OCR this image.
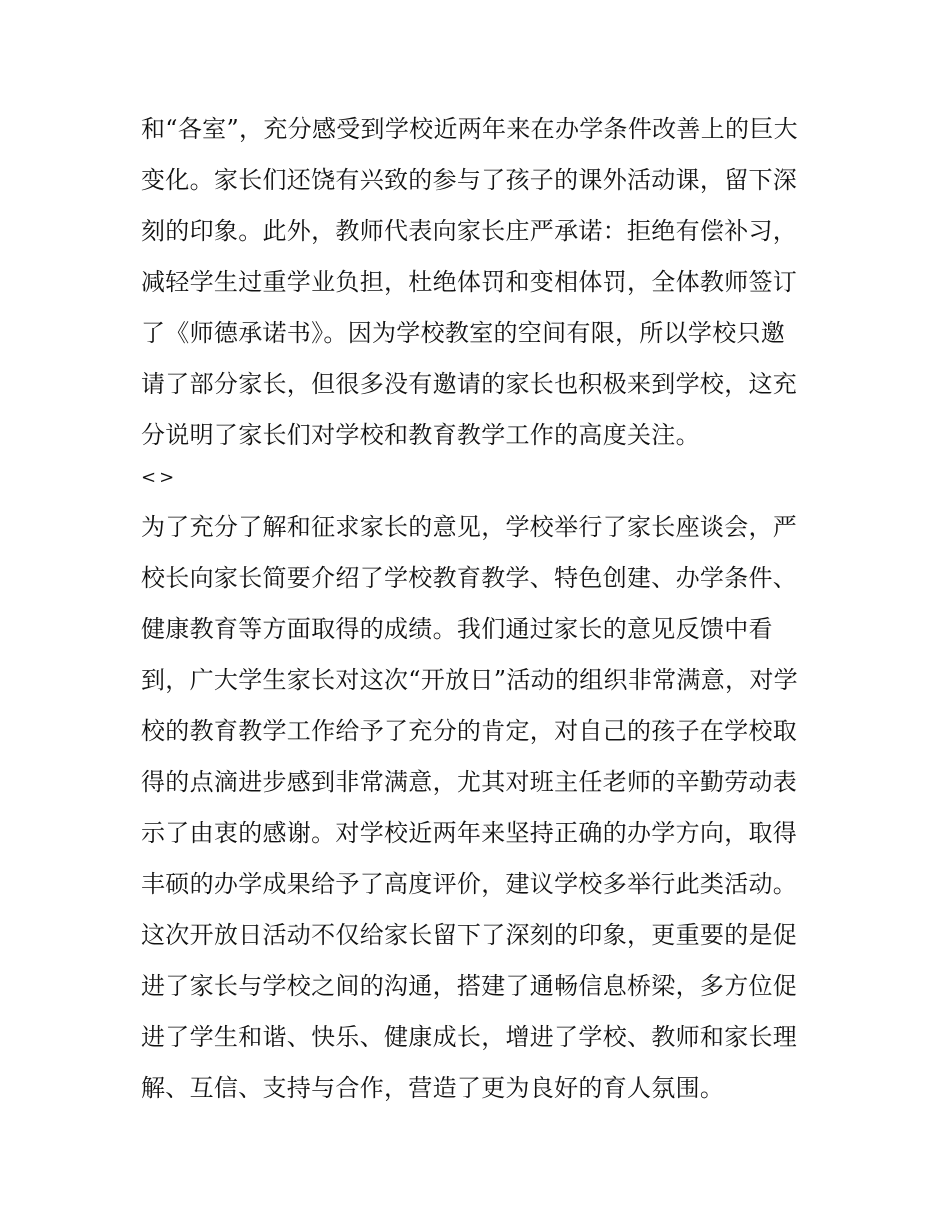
和“各室”，充分感受到学校近两年来在办学条件改善上的巨大
变化。家长们还饶有兴致的参与了孩子的课外活动课，留下深
刻的印象。此外，教师代表向家长庄严承诺：拒绝有偿补习，
减轻学生过重学业负担，杜绝体罚和变相体罚，全体教师签订
了《师德承诺书》。因为学校教室的空间有限，所以学校只邀
请了部分家长，但很多没有邀请的家长也积极来到学校，这充
分说明了家长们对学校和教育教学工作的高度关注。
<>
为了充分了解和征求家长的意见，学校举行了家长座谈会，严
校长向家长简要介绍了学校教育教学、特色创建、办学条件、
健康教育等方面取得的成绩。我们通过家长的意见反馈中看
到，广大学生家长对这次“开放日”活动的组织非常满意，对学
校的教育教学工作给予了充分的肯定，对自己的孩子在学校取
得的点滴进步感到非常满意，尤其对班主任老师的辛勤劳动表
示了由衷的感谢。对学校近两年来坚持正确的办学方向，取得
丰硕的办学成果给予了高度评价，建议学校多举行此类活动。
这次开放日活动不仅给家长留下了深刻的印象，更重要的是促
进了家长与学校之间的沟通，搭建了通畅信息桥梁，多方位促
进了学生和谐、快乐、健康成长，增进了学校、教师和家长理
解、互信、支持与合作，营造了更为良好的育人氛围。
